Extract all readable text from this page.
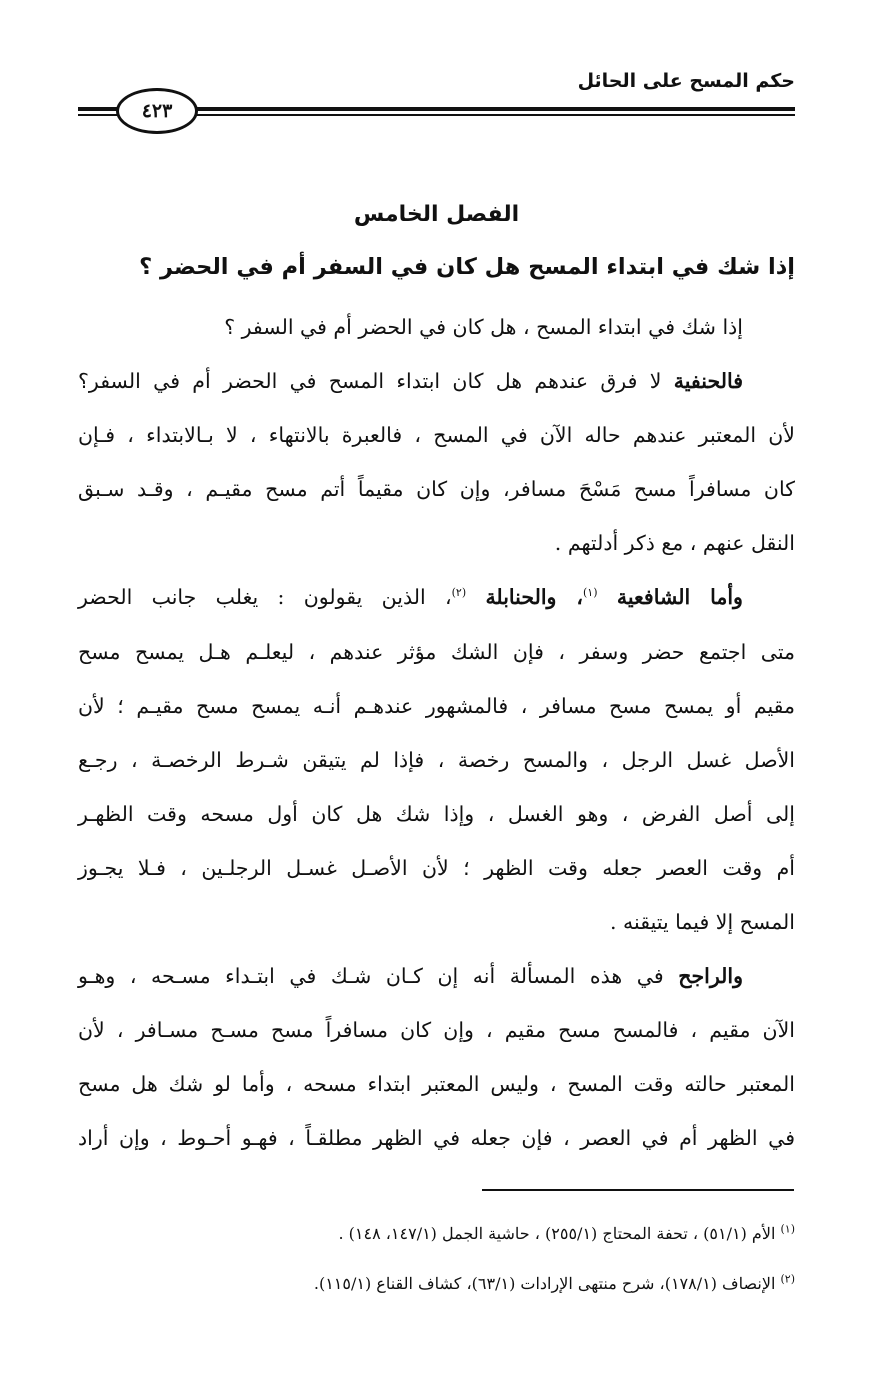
حكم المسح على الحائل
٤٢٣
الفصل الخامس
إذا شك في ابتداء المسح هل كان في السفر أم في الحضر ؟
إذا شك في ابتداء المسح ، هل كان في الحضر أم في السفر ؟
فالحنفية لا فرق عندهم هل كان ابتداء المسح في الحضر أم في السفر؟
لأن المعتبر عندهم حاله الآن في المسح ، فالعبرة بالانتهاء ، لا بـالابتداء ، فـإن
كان مسافراً مسح مَسْحَ مسافر، وإن كان مقيماً أتم مسح مقيـم ، وقـد سـبق
النقل عنهم ، مع ذكر أدلتهم .
وأما الشافعية $^{(١)}$، والحنابلة $^{(٢)}$، الذين يقولون : يغلب جانب الحضر
متى اجتمع حضر وسفر ، فإن الشك مؤثر عندهم ، ليعلـم هـل يمسح مسح
مقيم أو يمسح مسح مسافر ، فالمشهور عندهـم أنـه يمسح مسح مقيـم ؛ لأن
الأصل غسل الرجل ، والمسح رخصة ، فإذا لم يتيقن شـرط الرخصـة ، رجـع
إلى أصل الفرض ، وهو الغسل ، وإذا شك هل كان أول مسحه وقت الظهـر
أم وقت العصر جعله وقت الظهر ؛ لأن الأصـل غسـل الرجلـين ، فـلا يجـوز
المسح إلا فيما يتيقنه .
والراجح في هذه المسألة أنه إن كـان شـك في ابتـداء مسـحه ، وهـو
الآن مقيم ، فالمسح مسح مقيم ، وإن كان مسافراً مسح مسـح مسـافر ، لأن
المعتبر حالته وقت المسح ، وليس المعتبر ابتداء مسحه ، وأما لو شك هل مسح
في الظهر أم في العصر ، فإن جعله في الظهر مطلقـاً ، فهـو أحـوط ، وإن أراد
$^{(١)}$ الأم (٥١/١) ، تحفة المحتاج (٢٥٥/١) ، حاشية الجمل (١٤٧/١، ١٤٨) .
$^{(٢)}$ الإنصاف (١٧٨/١)، شرح منتهى الإرادات (٦٣/١)، كشاف القناع (١١٥/١).
